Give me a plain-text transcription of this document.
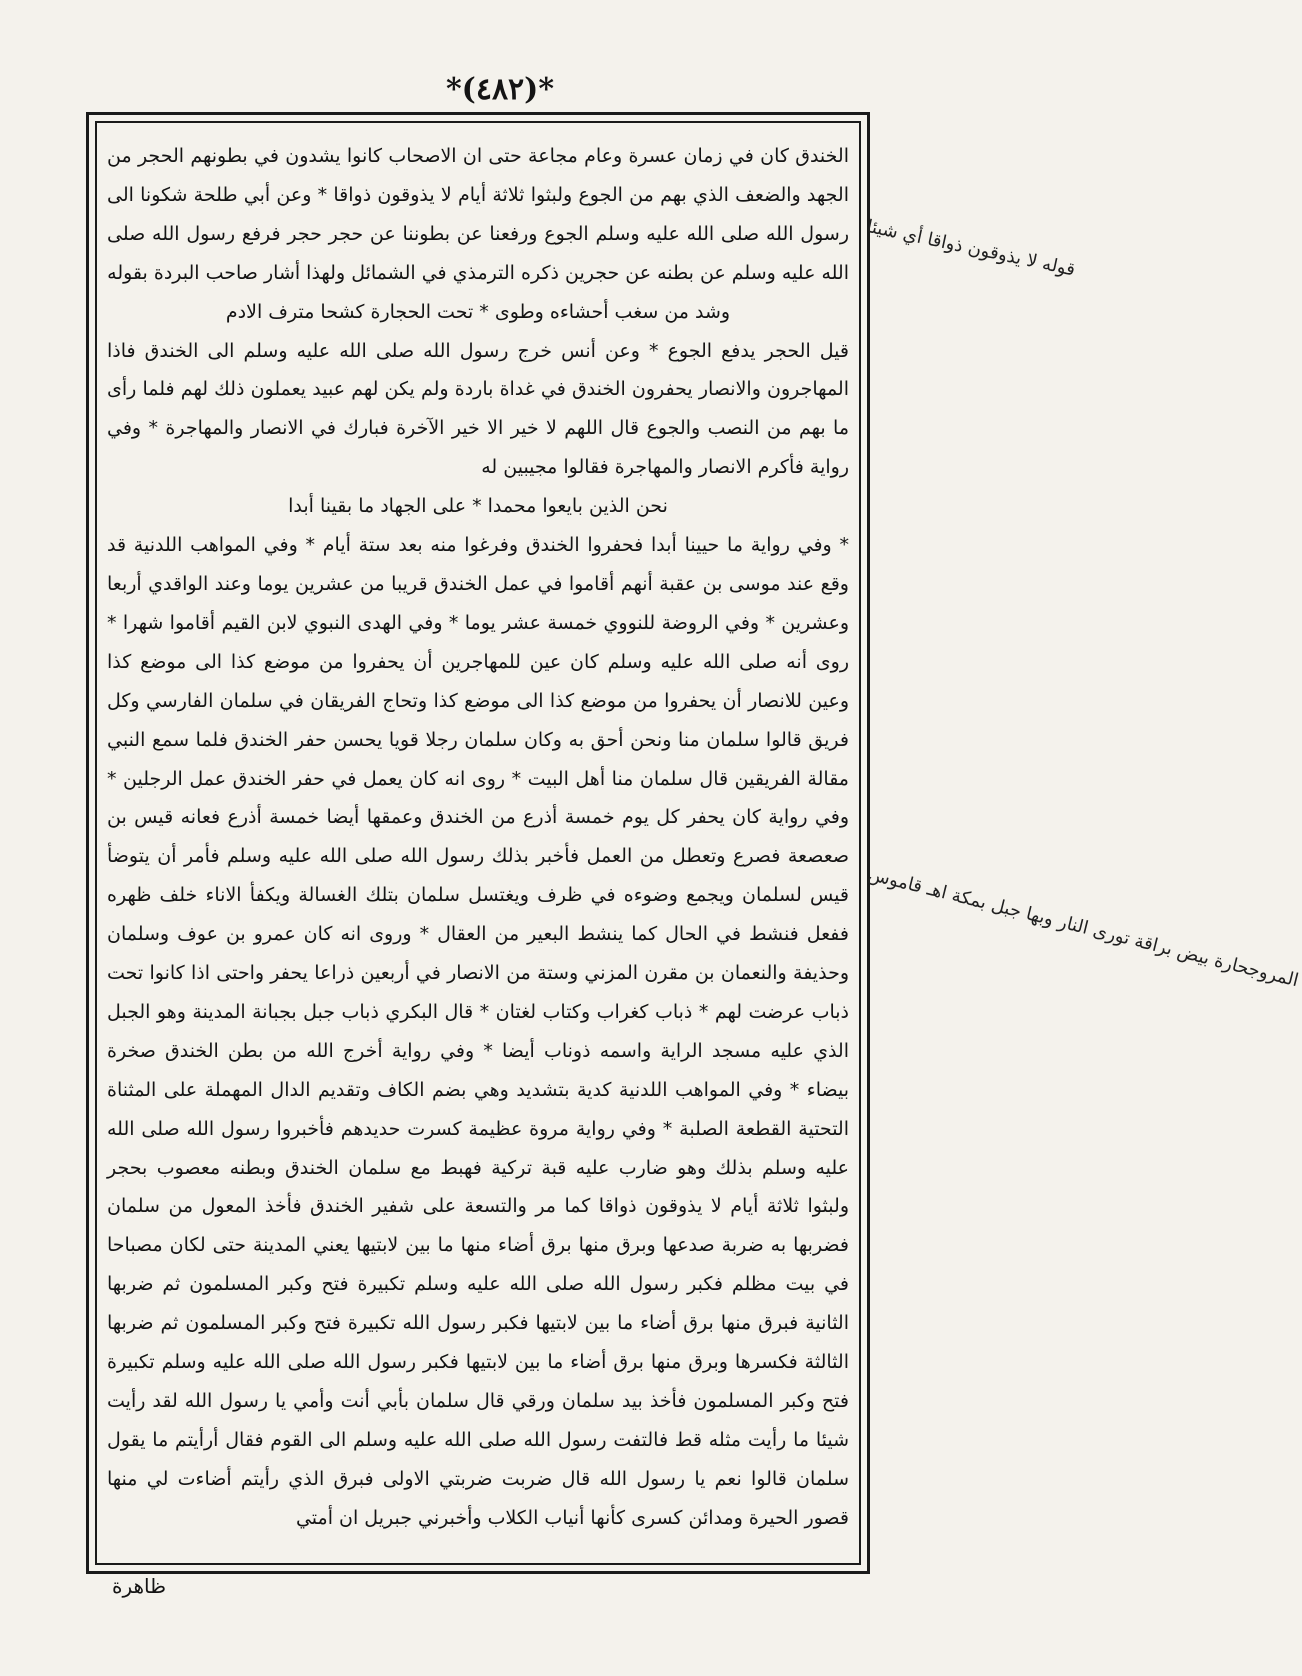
*(٤٨٢)*

الخندق كان في زمان عسرة وعام مجاعة حتى ان الاصحاب كانوا يشدون في بطونهم الحجر من الجهد والضعف الذي بهم من الجوع ولبثوا ثلاثة أيام لا يذوقون ذواقا * وعن أبي طلحة شكونا الى رسول الله صلى الله عليه وسلم الجوع ورفعنا عن بطوننا عن حجر حجر فرفع رسول الله صلى الله عليه وسلم عن بطنه عن حجرين ذكره الترمذي في الشمائل ولهذا أشار صاحب البردة بقوله

وشد من سغب أحشاءه وطوى * تحت الحجارة كشحا مترف الادم

قيل الحجر يدفع الجوع * وعن أنس خرج رسول الله صلى الله عليه وسلم الى الخندق فاذا المهاجرون والانصار يحفرون الخندق في غداة باردة ولم يكن لهم عبيد يعملون ذلك لهم فلما رأى ما بهم من النصب والجوع قال اللهم لا خير الا خير الآخرة فبارك في الانصار والمهاجرة * وفي رواية فأكرم الانصار والمهاجرة فقالوا مجيبين له

نحن الذين بايعوا محمدا * على الجهاد ما بقينا أبدا

* وفي رواية ما حيينا أبدا فحفروا الخندق وفرغوا منه بعد ستة أيام * وفي المواهب اللدنية قد وقع عند موسى بن عقبة أنهم أقاموا في عمل الخندق قريبا من عشرين يوما وعند الواقدي أربعا وعشرين * وفي الروضة للنووي خمسة عشر يوما * وفي الهدى النبوي لابن القيم أقاموا شهرا * روى أنه صلى الله عليه وسلم كان عين للمهاجرين أن يحفروا من موضع كذا الى موضع كذا وعين للانصار أن يحفروا من موضع كذا الى موضع كذا وتحاج الفريقان في سلمان الفارسي وكل فريق قالوا سلمان منا ونحن أحق به وكان سلمان رجلا قويا يحسن حفر الخندق فلما سمع النبي مقالة الفريقين قال سلمان منا أهل البيت * روى انه كان يعمل في حفر الخندق عمل الرجلين * وفي رواية كان يحفر كل يوم خمسة أذرع من الخندق وعمقها أيضا خمسة أذرع فعانه قيس بن صعصعة فصرع وتعطل من العمل فأخبر بذلك رسول الله صلى الله عليه وسلم فأمر أن يتوضأ قيس لسلمان ويجمع وضوءه في ظرف ويغتسل سلمان بتلك الغسالة ويكفأ الاناء خلف ظهره ففعل فنشط في الحال كما ينشط البعير من العقال * وروى انه كان عمرو بن عوف وسلمان وحذيفة والنعمان بن مقرن المزني وستة من الانصار في أربعين ذراعا يحفر واحتى اذا كانوا تحت ذباب عرضت لهم * ذباب كغراب وكتاب لغتان * قال البكري ذباب جبل بجبانة المدينة وهو الجبل الذي عليه مسجد الراية واسمه ذوناب أيضا * وفي رواية أخرج الله من بطن الخندق صخرة بيضاء * وفي المواهب اللدنية كدية بتشديد وهي بضم الكاف وتقديم الدال المهملة على المثناة التحتية القطعة الصلبة * وفي رواية مروة عظيمة كسرت حديدهم فأخبروا رسول الله صلى الله عليه وسلم بذلك وهو ضارب عليه قبة تركية فهبط مع سلمان الخندق وبطنه معصوب بحجر ولبثوا ثلاثة أيام لا يذوقون ذواقا كما مر والتسعة على شفير الخندق فأخذ المعول من سلمان فضربها به ضربة صدعها وبرق منها برق أضاء منها ما بين لابتيها يعني المدينة حتى لكان مصباحا في بيت مظلم فكبر رسول الله صلى الله عليه وسلم تكبيرة فتح وكبر المسلمون ثم ضربها الثانية فبرق منها برق أضاء ما بين لابتيها فكبر رسول الله تكبيرة فتح وكبر المسلمون ثم ضربها الثالثة فكسرها وبرق منها برق أضاء ما بين لابتيها فكبر رسول الله صلى الله عليه وسلم تكبيرة فتح وكبر المسلمون فأخذ بيد سلمان ورقي قال سلمان بأبي أنت وأمي يا رسول الله لقد رأيت شيئا ما رأيت مثله قط فالتفت رسول الله صلى الله عليه وسلم الى القوم فقال أرأيتم ما يقول سلمان قالوا نعم يا رسول الله قال ضربت ضربتي الاولى فبرق الذي رأيتم أضاءت لي منها قصور الحيرة ومدائن كسرى كأنها أنياب الكلاب وأخبرني جبريل ان أمتي

ظاهرة
قوله لا يذوقون ذواقا أي شيئا
المروجحارة بيض براقة تورى النار وبها جبل بمكة اهـ قاموس
